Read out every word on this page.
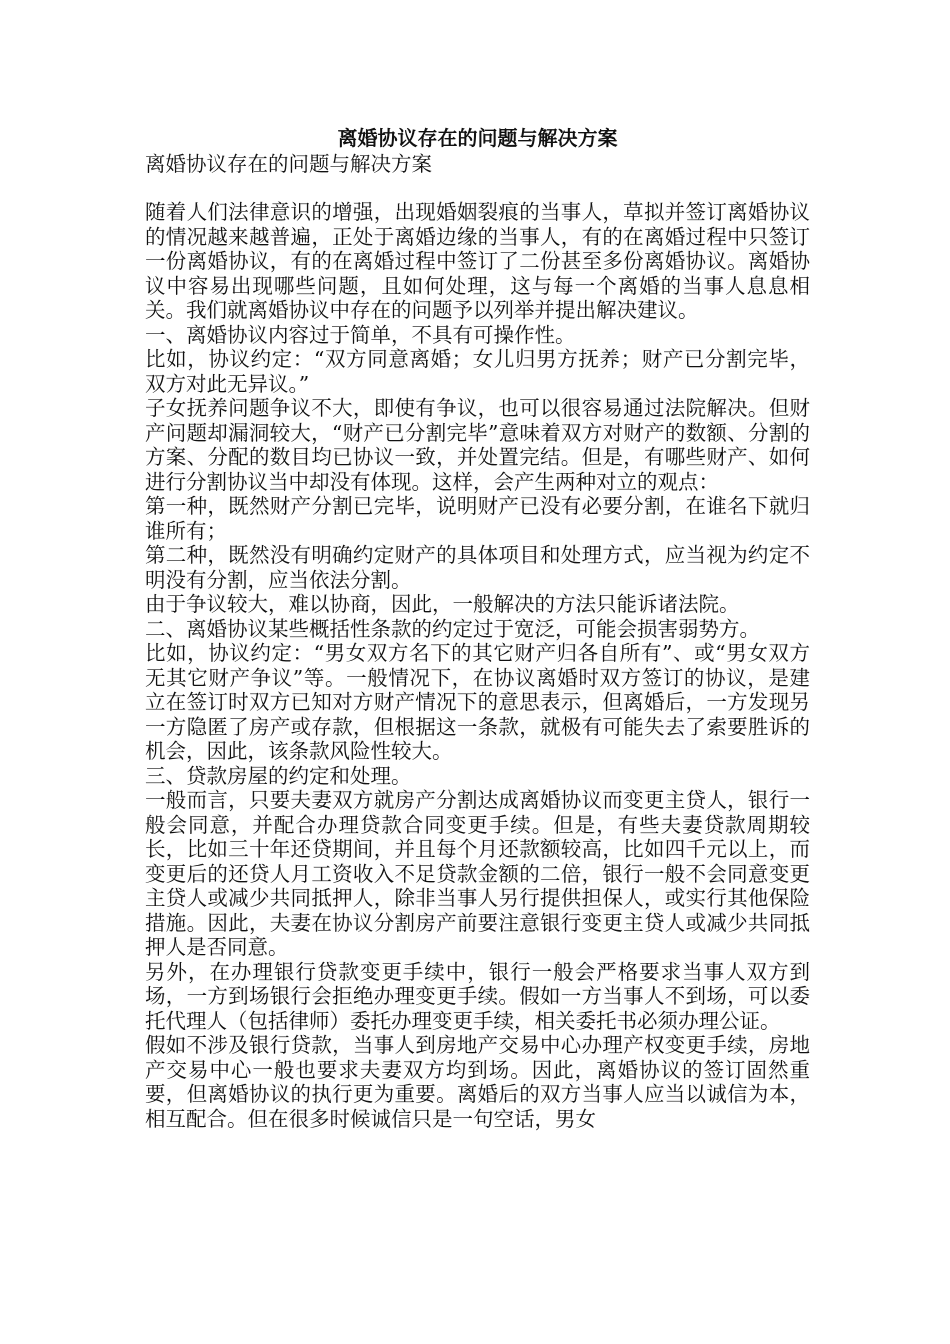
离婚协议存在的问题与解决方案

离婚协议存在的问题与解决方案

随着人们法律意识的增强，出现婚姻裂痕的当事人，草拟并签订离婚协议的情况越来越普遍，正处于离婚边缘的当事人，有的在离婚过程中只签订一份离婚协议，有的在离婚过程中签订了二份甚至多份离婚协议。离婚协议中容易出现哪些问题，且如何处理，这与每一个离婚的当事人息息相关。我们就离婚协议中存在的问题予以列举并提出解决建议。

一、离婚协议内容过于简单，不具有可操作性。

比如，协议约定：“双方同意离婚；女儿归男方抚养；财产已分割完毕，双方对此无异议。”

子女抚养问题争议不大，即使有争议，也可以很容易通过法院解决。但财产问题却漏洞较大，“财产已分割完毕”意味着双方对财产的数额、分割的方案、分配的数目均已协议一致，并处置完结。但是，有哪些财产、如何进行分割协议当中却没有体现。这样，会产生两种对立的观点：

第一种，既然财产分割已完毕，说明财产已没有必要分割，在谁名下就归谁所有；

第二种，既然没有明确约定财产的具体项目和处理方式，应当视为约定不明没有分割，应当依法分割。

由于争议较大，难以协商，因此，一般解决的方法只能诉诸法院。

二、离婚协议某些概括性条款的约定过于宽泛，可能会损害弱势方。

比如，协议约定：“男女双方名下的其它财产归各自所有”、或“男女双方无其它财产争议”等。一般情况下，在协议离婚时双方签订的协议，是建立在签订时双方已知对方财产情况下的意思表示，但离婚后，一方发现另一方隐匿了房产或存款，但根据这一条款，就极有可能失去了索要胜诉的机会，因此，该条款风险性较大。

三、贷款房屋的约定和处理。

一般而言，只要夫妻双方就房产分割达成离婚协议而变更主贷人，银行一般会同意，并配合办理贷款合同变更手续。但是，有些夫妻贷款周期较长，比如三十年还贷期间，并且每个月还款额较高，比如四千元以上，而变更后的还贷人月工资收入不足贷款金额的二倍，银行一般不会同意变更主贷人或减少共同抵押人，除非当事人另行提供担保人，或实行其他保险措施。因此，夫妻在协议分割房产前要注意银行变更主贷人或减少共同抵押人是否同意。

另外，在办理银行贷款变更手续中，银行一般会严格要求当事人双方到场，一方到场银行会拒绝办理变更手续。假如一方当事人不到场，可以委托代理人（包括律师）委托办理变更手续，相关委托书必须办理公证。

假如不涉及银行贷款，当事人到房地产交易中心办理产权变更手续，房地产交易中心一般也要求夫妻双方均到场。因此，离婚协议的签订固然重要，但离婚协议的执行更为重要。离婚后的双方当事人应当以诚信为本，相互配合。但在很多时候诚信只是一句空话，男女
